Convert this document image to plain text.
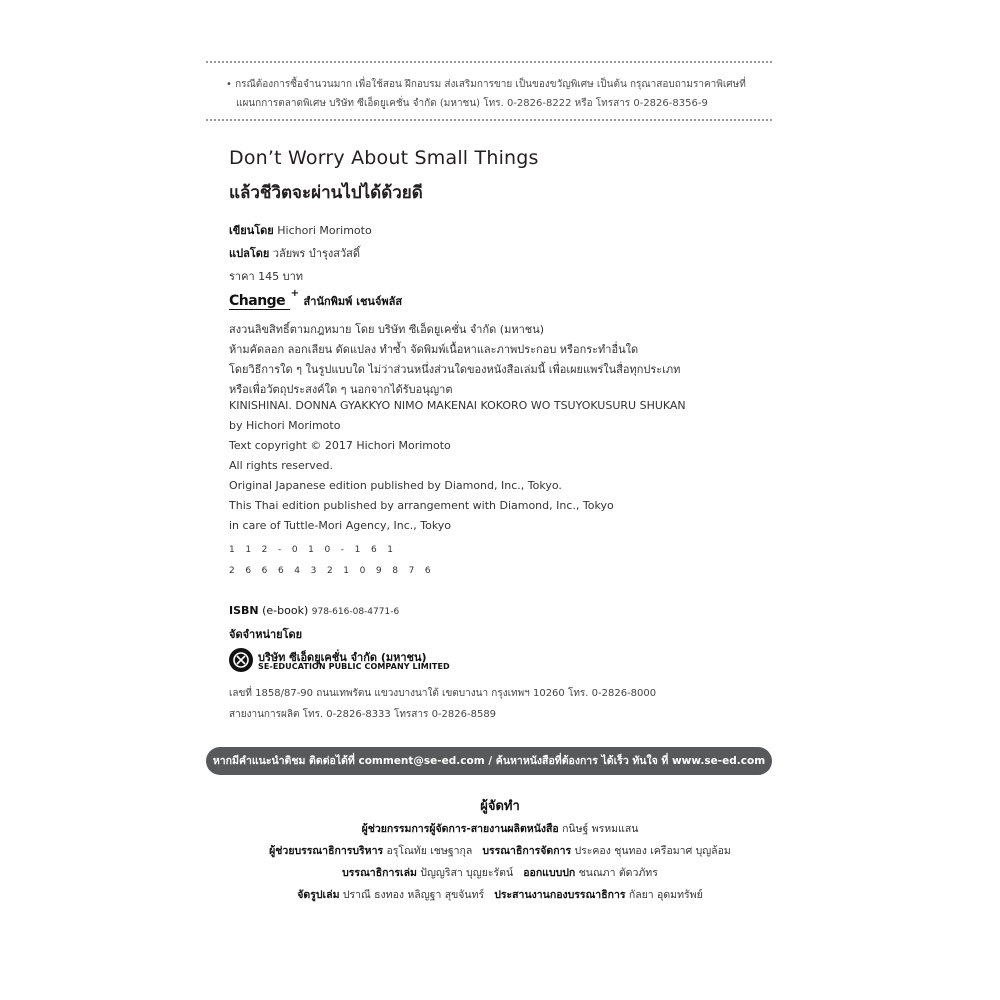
• กรณีต้องการซื้อจำนวนมาก เพื่อใช้สอน ฝึกอบรม ส่งเสริมการขาย เป็นของขวัญพิเศษ เป็นต้น กรุณาสอบถามราคาพิเศษที่
แผนกการตลาดพิเศษ บริษัท ซีเอ็ดยูเคชั่น จำกัด (มหาชน) โทร. 0-2826-8222 หรือ โทรสาร 0-2826-8356-9
Don’t Worry About Small Things
แล้วชีวิตจะผ่านไปได้ด้วยดี
เขียนโดย Hichori Morimoto
แปลโดย วลัยพร บำรุงสวัสดิ์
ราคา 145 บาท
Change +
สำนักพิมพ์ เชนจ์พลัส
สงวนลิขสิทธิ์ตามกฎหมาย โดย บริษัท ซีเอ็ดยูเคชั่น จำกัด (มหาชน)
ห้ามคัดลอก ลอกเลียน ดัดแปลง ทำซ้ำ จัดพิมพ์เนื้อหาและภาพประกอบ หรือกระทำอื่นใด
โดยวิธีการใด ๆ ในรูปแบบใด ไม่ว่าส่วนหนึ่งส่วนใดของหนังสือเล่มนี้ เพื่อเผยแพร่ในสื่อทุกประเภท
หรือเพื่อวัตถุประสงค์ใด ๆ นอกจากได้รับอนุญาต
KINISHINAI. DONNA GYAKKYO NIMO MAKENAI KOKORO WO TSUYOKUSURU SHUKAN
by Hichori Morimoto
Text copyright © 2017 Hichori Morimoto
All rights reserved.
Original Japanese edition published by Diamond, Inc., Tokyo.
This Thai edition published by arrangement with Diamond, Inc., Tokyo
in care of Tuttle-Mori Agency, Inc., Tokyo
112-010-161
2666432109876
ISBN (e-book) 978-616-08-4771-6
จัดจำหน่ายโดย
บริษัท ซีเอ็ดยูเคชั่น จำกัด (มหาชน)
SE-EDUCATION PUBLIC COMPANY LIMITED
เลขที่ 1858/87-90 ถนนเทพรัตน แขวงบางนาใต้ เขตบางนา กรุงเทพฯ 10260 โทร. 0-2826-8000
สายงานการผลิต โทร. 0-2826-8333 โทรสาร 0-2826-8589
หากมีคำแนะนำติชม ติดต่อได้ที่ comment@se-ed.com / ค้นหาหนังสือที่ต้องการ ได้เร็ว ทันใจ ที่ www.se-ed.com
ผู้จัดทำ
ผู้ช่วยกรรมการผู้จัดการ-สายงานผลิตหนังสือ กนิษฐ์ พรหมแสน
ผู้ช่วยบรรณาธิการบริหาร อรุโณทัย เชษฐากุล บรรณาธิการจัดการ ประคอง ชุนทอง เครือมาศ บุญล้อม
บรรณาธิการเล่ม ปัญญริสา บุญยะรัตน์ ออกแบบปก ชนณภา ตัดวภัทร
จัดรูปเล่ม ปราณี ธงทอง หลิญฐา สุขจันทร์ ประสานงานกองบรรณาธิการ กัลยา อุดมทรัพย์
